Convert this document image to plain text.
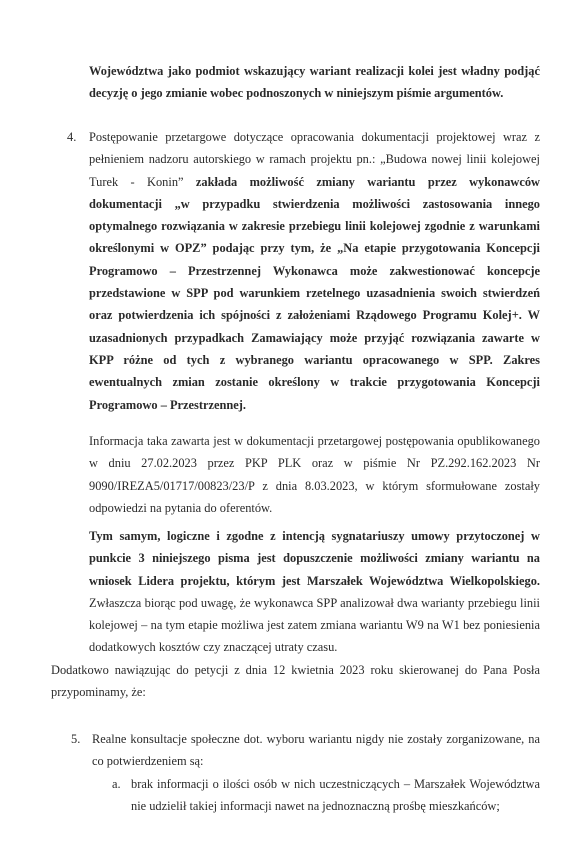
Województwa jako podmiot wskazujący wariant realizacji kolei jest władny podjąć decyzję o jego zmianie wobec podnoszonych w niniejszym piśmie argumentów.
4.	Postępowanie przetargowe dotyczące opracowania dokumentacji projektowej wraz z pełnieniem nadzoru autorskiego w ramach projektu pn.: „Budowa nowej linii kolejowej Turek - Konin” zakłada możliwość zmiany wariantu przez wykonawców dokumentacji „w przypadku stwierdzenia możliwości zastosowania innego optymalnego rozwiązania w zakresie przebiegu linii kolejowej zgodnie z warunkami określonymi w OPZ” podając przy tym, że „Na etapie przygotowania Koncepcji Programowo – Przestrzennej Wykonawca może zakwestionować koncepcje przedstawione w SPP pod warunkiem rzetelnego uzasadnienia swoich stwierdzeń oraz potwierdzenia ich spójności z założeniami Rządowego Programu Kolej+. W uzasadnionych przypadkach Zamawiający może przyjąć rozwiązania zawarte w KPP różne od tych z wybranego wariantu opracowanego w SPP. Zakres ewentualnych zmian zostanie określony w trakcie przygotowania Koncepcji Programowo – Przestrzennej.
Informacja taka zawarta jest w dokumentacji przetargowej postępowania opublikowanego w dniu 27.02.2023 przez PKP PLK oraz w piśmie Nr PZ.292.162.2023 Nr 9090/IREZA5/01717/00823/23/P z dnia 8.03.2023, w którym sformułowane zostały odpowiedzi na pytania do oferentów.
Tym samym, logiczne i zgodne z intencją sygnatariuszy umowy przytoczonej w punkcie 3 niniejszego pisma jest dopuszczenie możliwości zmiany wariantu na wniosek Lidera projektu, którym jest Marszałek Województwa Wielkopolskiego. Zwłaszcza biorąc pod uwagę, że wykonawca SPP analizował dwa warianty przebiegu linii kolejowej – na tym etapie możliwa jest zatem zmiana wariantu W9 na W1 bez poniesienia dodatkowych kosztów czy znaczącej utraty czasu.
Dodatkowo nawiązując do petycji z dnia 12 kwietnia 2023 roku skierowanej do Pana Posła przypominamy, że:
5. Realne konsultacje społeczne dot. wyboru wariantu nigdy nie zostały zorganizowane, na co potwierdzeniem są:
a. brak informacji o ilości osób w nich uczestniczących – Marszałek Województwa nie udzielił takiej informacji nawet na jednoznaczną prośbę mieszkańców;
